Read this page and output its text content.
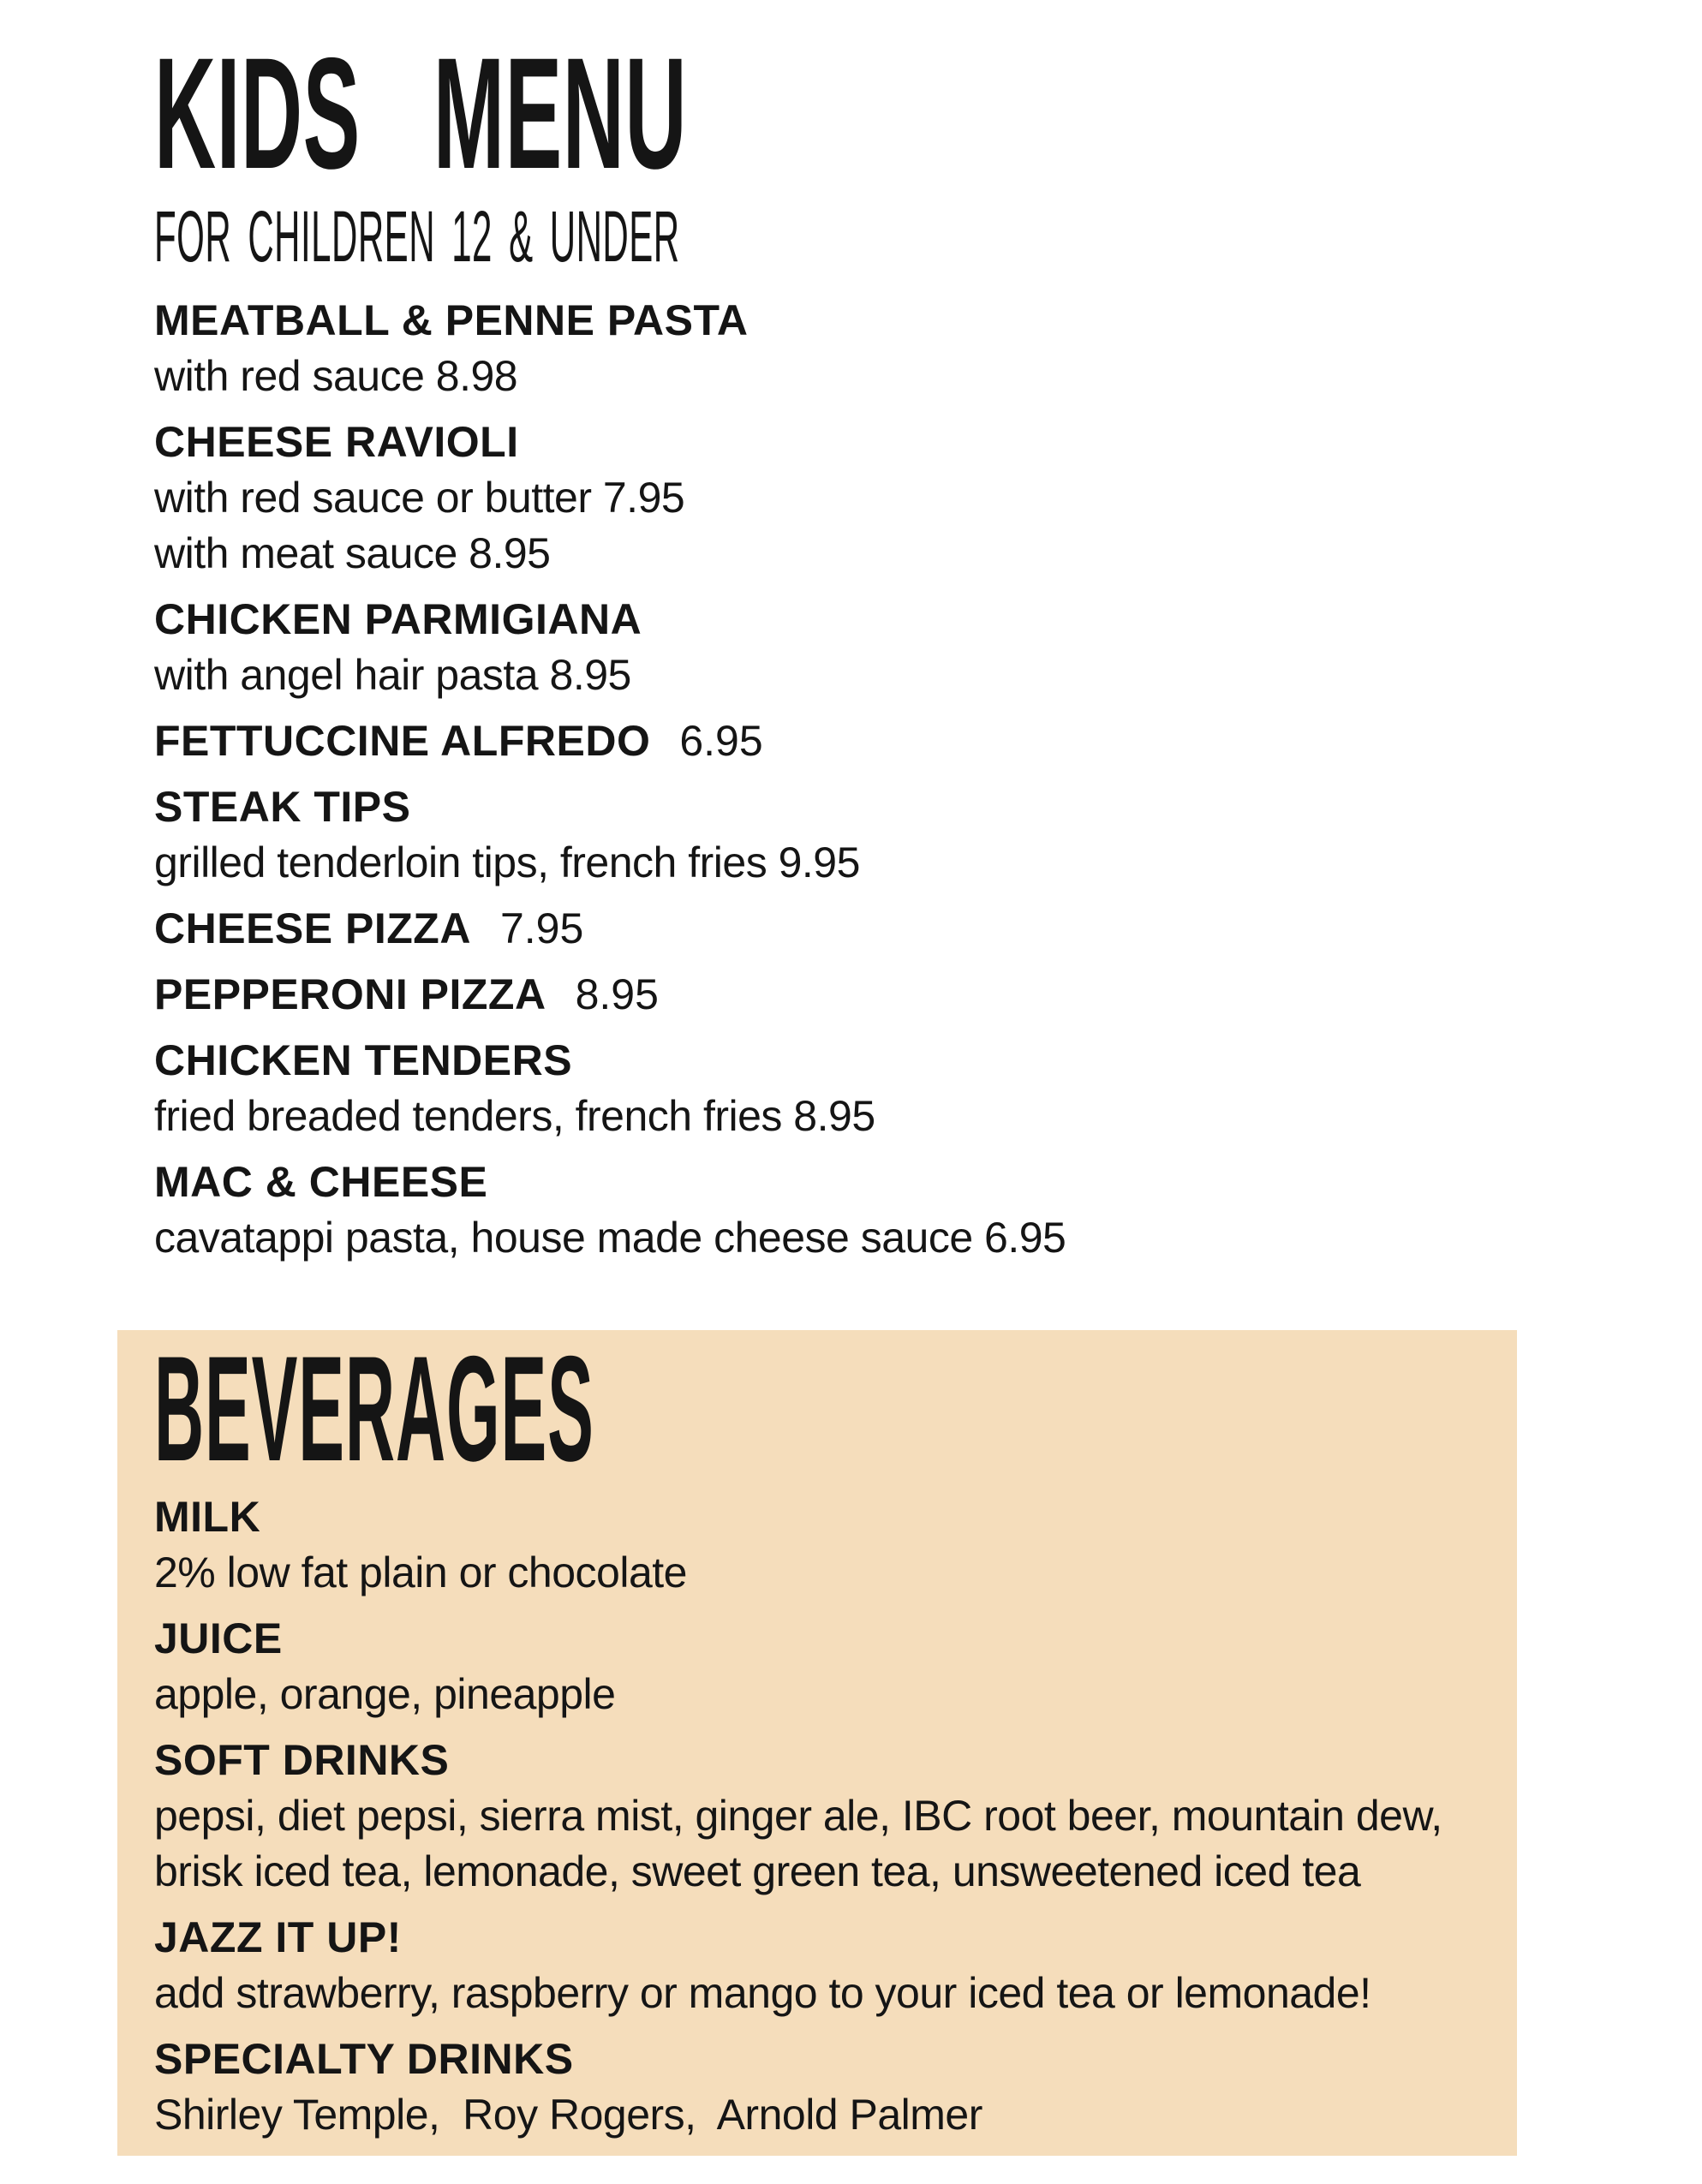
KIDS MENU
FOR CHILDREN 12 & UNDER
MEATBALL & PENNE PASTA
with red sauce 8.98
CHEESE RAVIOLI
with red sauce or butter 7.95
with meat sauce 8.95
CHICKEN PARMIGIANA
with angel hair pasta 8.95
FETTUCCINE ALFREDO 6.95
STEAK TIPS
grilled tenderloin tips, french fries 9.95
CHEESE PIZZA 7.95
PEPPERONI PIZZA 8.95
CHICKEN TENDERS
fried breaded tenders, french fries 8.95
MAC & CHEESE
cavatappi pasta, house made cheese sauce 6.95
BEVERAGES
MILK
2% low fat plain or chocolate
JUICE
apple, orange, pineapple
SOFT DRINKS
pepsi, diet pepsi, sierra mist, ginger ale, IBC root beer, mountain dew,
brisk iced tea, lemonade, sweet green tea, unsweetened iced tea
JAZZ IT UP!
add strawberry, raspberry or mango to your iced tea or lemonade!
SPECIALTY DRINKS
Shirley Temple,  Roy Rogers,  Arnold Palmer
